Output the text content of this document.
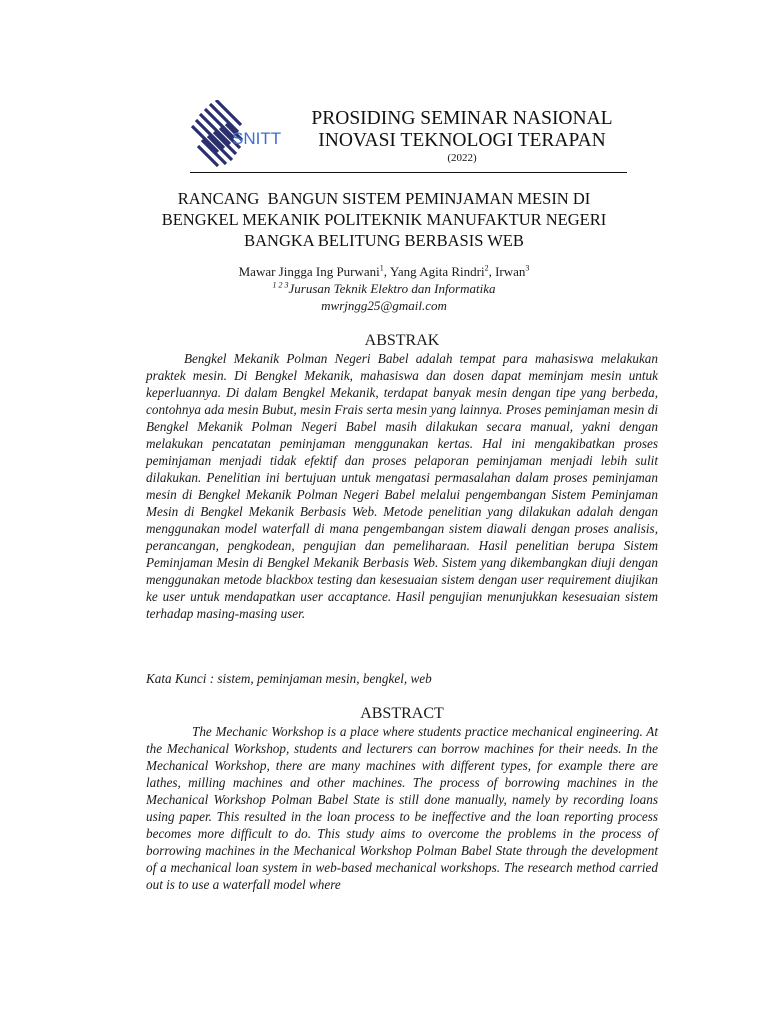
SNITT
PROSIDING SEMINAR NASIONAL
INOVASI TEKNOLOGI TERAPAN
(2022)
RANCANG  BANGUN SISTEM PEMINJAMAN MESIN DI
BENGKEL MEKANIK POLITEKNIK MANUFAKTUR NEGERI
BANGKA BELITUNG BERBASIS WEB
Mawar Jingga Ing Purwani$^1$, Yang Agita Rindri$^2$, Irwan$^3$
$^{1 2 3}$Jurusan Teknik Elektro dan Informatika
mwrjngg25@gmail.com
ABSTRAK

Bengkel Mekanik Polman Negeri Babel adalah tempat para mahasiswa melakukan praktek mesin. Di Bengkel Mekanik, mahasiswa dan dosen dapat meminjam mesin untuk keperluannya. Di dalam Bengkel Mekanik, terdapat banyak mesin dengan tipe yang berbeda, contohnya ada mesin Bubut, mesin Frais serta mesin yang lainnya. Proses peminjaman mesin di Bengkel Mekanik Polman Negeri Babel masih dilakukan secara manual, yakni dengan melakukan pencatatan peminjaman menggunakan kertas. Hal ini mengakibatkan proses peminjaman menjadi tidak efektif dan proses pelaporan peminjaman menjadi lebih sulit dilakukan. Penelitian ini bertujuan untuk mengatasi permasalahan dalam proses peminjaman mesin di Bengkel Mekanik Polman Negeri Babel melalui pengembangan Sistem Peminjaman Mesin di Bengkel Mekanik Berbasis Web. Metode penelitian yang dilakukan adalah dengan menggunakan model waterfall di mana pengembangan sistem diawali dengan proses analisis, perancangan, pengkodean, pengujian dan pemeliharaan. Hasil penelitian berupa Sistem Peminjaman Mesin di Bengkel Mekanik Berbasis Web. Sistem yang dikembangkan diuji dengan menggunakan metode blackbox testing dan kesesuaian sistem dengan user requirement diujikan ke user untuk mendapatkan user accaptance. Hasil pengujian menunjukkan kesesuaian sistem terhadap masing-masing user.

Kata Kunci : sistem, peminjaman mesin, bengkel, web

ABSTRACT

The Mechanic Workshop is a place where students practice mechanical engineering. At the Mechanical Workshop, students and lecturers can borrow machines for their needs. In the Mechanical Workshop, there are many machines with different types, for example there are lathes, milling machines and other machines. The process of borrowing machines in the Mechanical Workshop Polman Babel State is still done manually, namely by recording loans using paper. This resulted in the loan process to be ineffective and the loan reporting process becomes more difficult to do. This study aims to overcome the problems in the process of borrowing machines in the Mechanical Workshop Polman Babel State through the development of a mechanical loan system in web-based mechanical workshops. The research method carried out is to use a waterfall model where
